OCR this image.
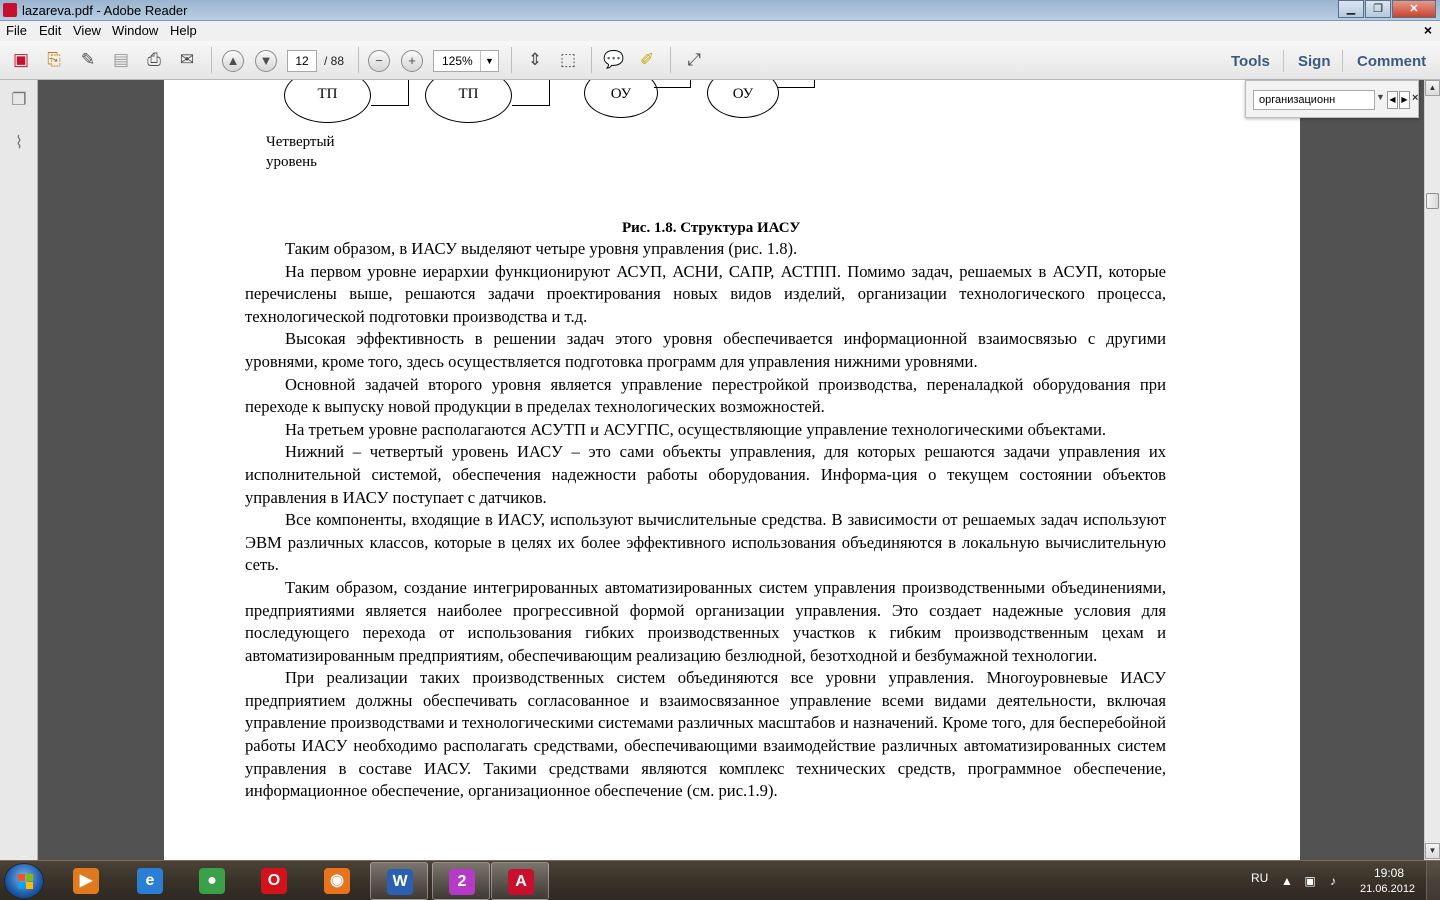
lazareva.pdf - Adobe Reader	▁	❐	✕
File Edit View Window Help	×
▣	⎘	✎ ▤	⎙	✉	▲	▼	12	/ 88	−	+	125%	▼ ⇕ ⬚ 💬 ✐	⤢	Tools Sign Comment
❐
⌇
ТП	ТП	ОУ	ОУ
Четвертый
уровень
Рис. 1.8. Структура ИАСУ

Таким образом, в ИАСУ выделяют четыре уровня управления (рис. 1.8).

На первом уровне иерархии функционируют АСУП, АСНИ, САПР, АСТПП. Помимо задач, решаемых в АСУП, которые перечислены выше, решаются задачи проектирования новых видов изделий, организации технологического процесса, технологической подготовки производства и т.д.

Высокая эффективность в решении задач этого уровня обеспечивается информационной взаимосвязью с другими уровнями, кроме того, здесь осуществляется подготовка программ для управления нижними уровнями.

Основной задачей второго уровня является управление перестройкой производства, переналадкой оборудования при переходе к выпуску новой продукции в пределах технологических возможностей.

На третьем уровне располагаются АСУТП и АСУГПС, осуществляющие управление технологическими объектами.

Нижний – четвертый уровень ИАСУ – это сами объекты управления, для которых решаются задачи управления их исполнительной системой, обеспечения надежности работы оборудования. Информа-ция о текущем состоянии объектов управления в ИАСУ поступает с датчиков.

Все компоненты, входящие в ИАСУ, используют вычислительные средства. В зависимости от решаемых задач используют ЭВМ различных классов, которые в целях их более эффективного использования объединяются в локальную вычислительную сеть.

Таким образом, создание интегрированных автоматизированных систем управления производственными объединениями, предприятиями является наиболее прогрессивной формой организации управления. Это создает надежные условия для последующего перехода от использования гибких производственных участков к гибким производственным цехам и автоматизированным предприятиям, обеспечивающим реализацию безлюдной, безотходной и безбумажной технологии.

При реализации таких производственных систем объединяются все уровни управления. Многоуровневые ИАСУ предприятием должны обеспечивать согласованное и взаимосвязанное управление всеми видами деятельности, включая управление производствами и технологическими системами различных масштабов и назначений. Кроме того, для бесперебойной работы ИАСУ необходимо располагать средствами, обеспечивающими взаимодействие различных автоматизированных систем управления в составе ИАСУ. Такими средствами являются комплекс технических средств, программное обеспечение, информационное обеспечение, организационное обеспечение (см. рис.1.9).

организационн	▼ ◀ ▶ ×
▲
▼
▶	e	●	O	◉	W	2	A	RU ▲ ▣	♪
19:08
21.06.2012
